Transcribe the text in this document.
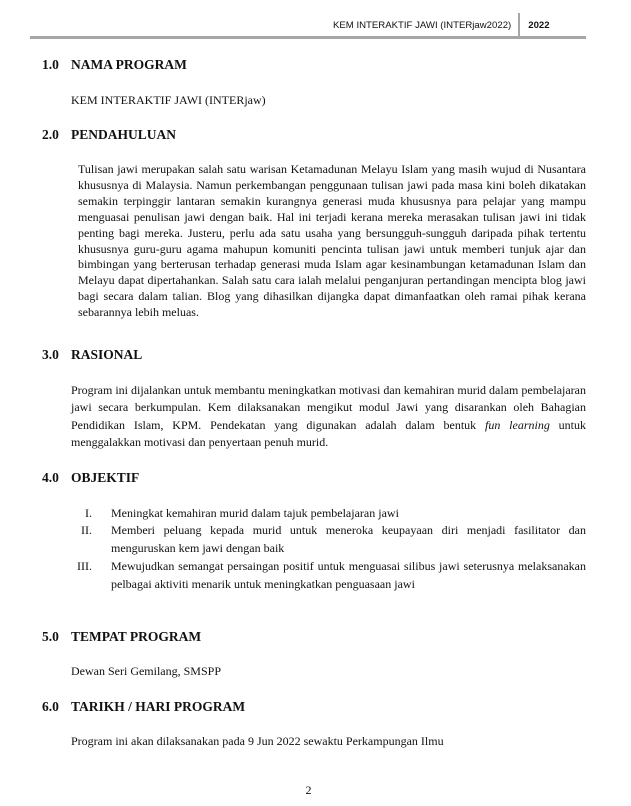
KEM INTERAKTIF JAWI (INTERjaw2022)	2022
1.0 NAMA PROGRAM
KEM INTERAKTIF JAWI (INTERjaw)
2.0 PENDAHULUAN
Tulisan jawi merupakan salah satu warisan Ketamadunan Melayu Islam yang masih wujud di Nusantara khususnya di Malaysia. Namun perkembangan penggunaan tulisan jawi pada masa kini boleh dikatakan semakin terpinggir lantaran semakin kurangnya generasi muda khususnya para pelajar yang mampu menguasai penulisan jawi dengan baik. Hal ini terjadi kerana mereka merasakan tulisan jawi ini tidak penting bagi mereka. Justeru, perlu ada satu usaha yang bersungguh-sungguh daripada pihak tertentu khususnya guru-guru agama mahupun komuniti pencinta tulisan jawi untuk memberi tunjuk ajar dan bimbingan yang berterusan terhadap generasi muda Islam agar kesinambungan ketamadunan Islam dan Melayu dapat dipertahankan. Salah satu cara ialah melalui penganjuran pertandingan mencipta blog jawi bagi secara dalam talian. Blog yang dihasilkan dijangka dapat dimanfaatkan oleh ramai pihak kerana sebarannya lebih meluas.
3.0 RASIONAL
Program ini dijalankan untuk membantu meningkatkan motivasi dan kemahiran murid dalam pembelajaran jawi secara berkumpulan. Kem dilaksanakan mengikut modul Jawi yang disarankan oleh Bahagian Pendidikan Islam, KPM. Pendekatan yang digunakan adalah dalam bentuk fun learning untuk menggalakkan motivasi dan penyertaan penuh murid.
4.0 OBJEKTIF
I. Meningkat kemahiran murid dalam tajuk pembelajaran jawi
II. Memberi peluang kepada murid untuk meneroka keupayaan diri menjadi fasilitator dan menguruskan kem jawi dengan baik
III. Mewujudkan semangat persaingan positif untuk menguasai silibus jawi seterusnya melaksanakan pelbagai aktiviti menarik untuk meningkatkan penguasaan jawi
5.0 TEMPAT PROGRAM
Dewan Seri Gemilang, SMSPP
6.0 TARIKH / HARI PROGRAM
Program ini akan dilaksanakan pada 9 Jun 2022 sewaktu Perkampungan Ilmu
2
